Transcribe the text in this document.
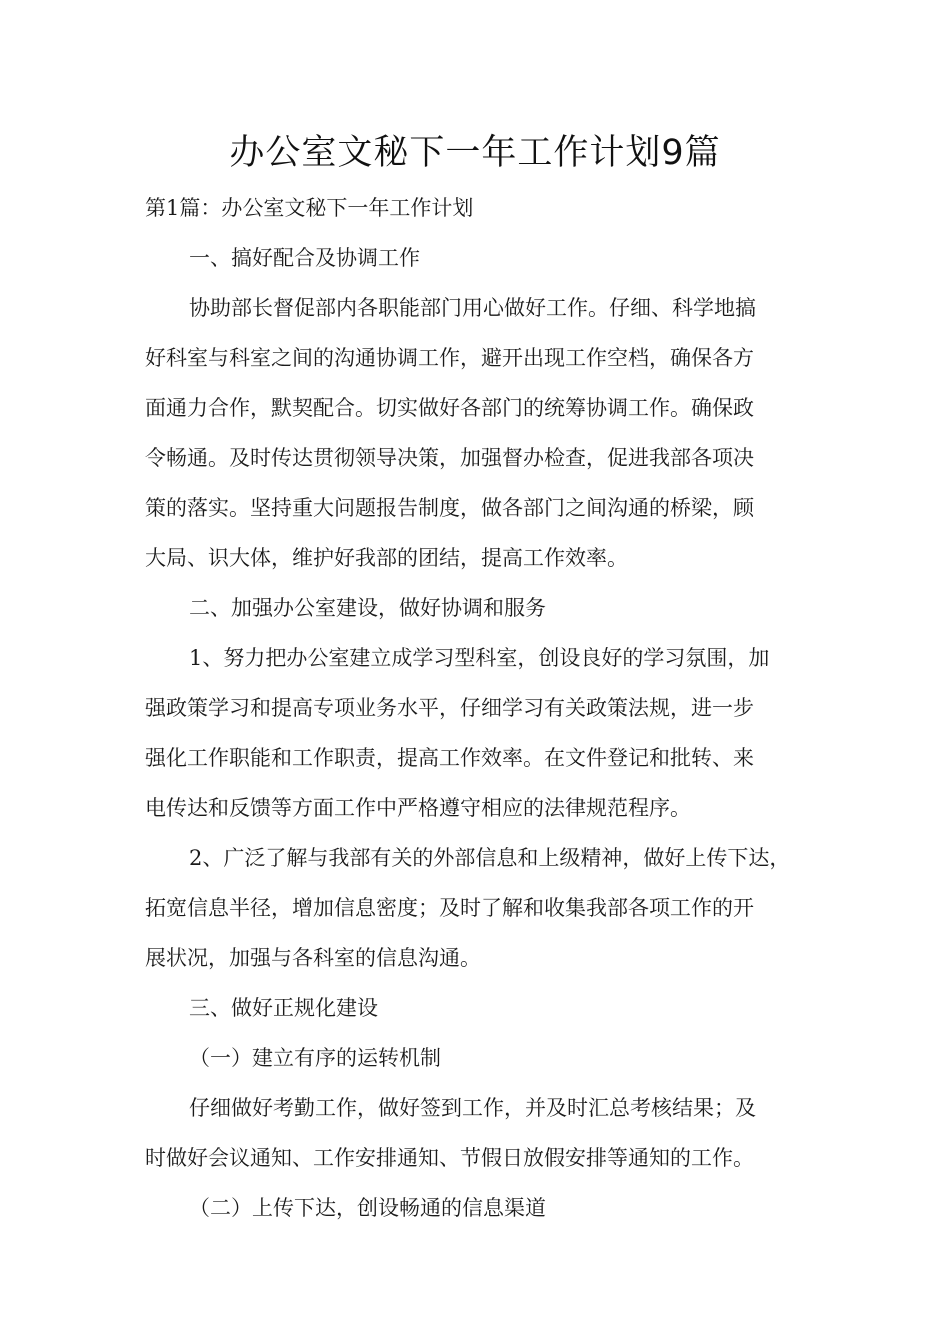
办公室文秘下一年工作计划9篇
第1篇：办公室文秘下一年工作计划
一、搞好配合及协调工作
协助部长督促部内各职能部门用心做好工作。仔细、科学地搞
好科室与科室之间的沟通协调工作，避开出现工作空档，确保各方
面通力合作，默契配合。切实做好各部门的统筹协调工作。确保政
令畅通。及时传达贯彻领导决策，加强督办检查，促进我部各项决
策的落实。坚持重大问题报告制度，做各部门之间沟通的桥梁，顾
大局、识大体，维护好我部的团结，提高工作效率。
二、加强办公室建设，做好协调和服务
1、努力把办公室建立成学习型科室，创设良好的学习氛围，加
强政策学习和提高专项业务水平，仔细学习有关政策法规，进一步
强化工作职能和工作职责，提高工作效率。在文件登记和批转、来
电传达和反馈等方面工作中严格遵守相应的法律规范程序。
2、广泛了解与我部有关的外部信息和上级精神，做好上传下达，
拓宽信息半径，增加信息密度；及时了解和收集我部各项工作的开
展状况，加强与各科室的信息沟通。
三、做好正规化建设
（一）建立有序的运转机制
仔细做好考勤工作，做好签到工作，并及时汇总考核结果；及
时做好会议通知、工作安排通知、节假日放假安排等通知的工作。
（二）上传下达，创设畅通的信息渠道
